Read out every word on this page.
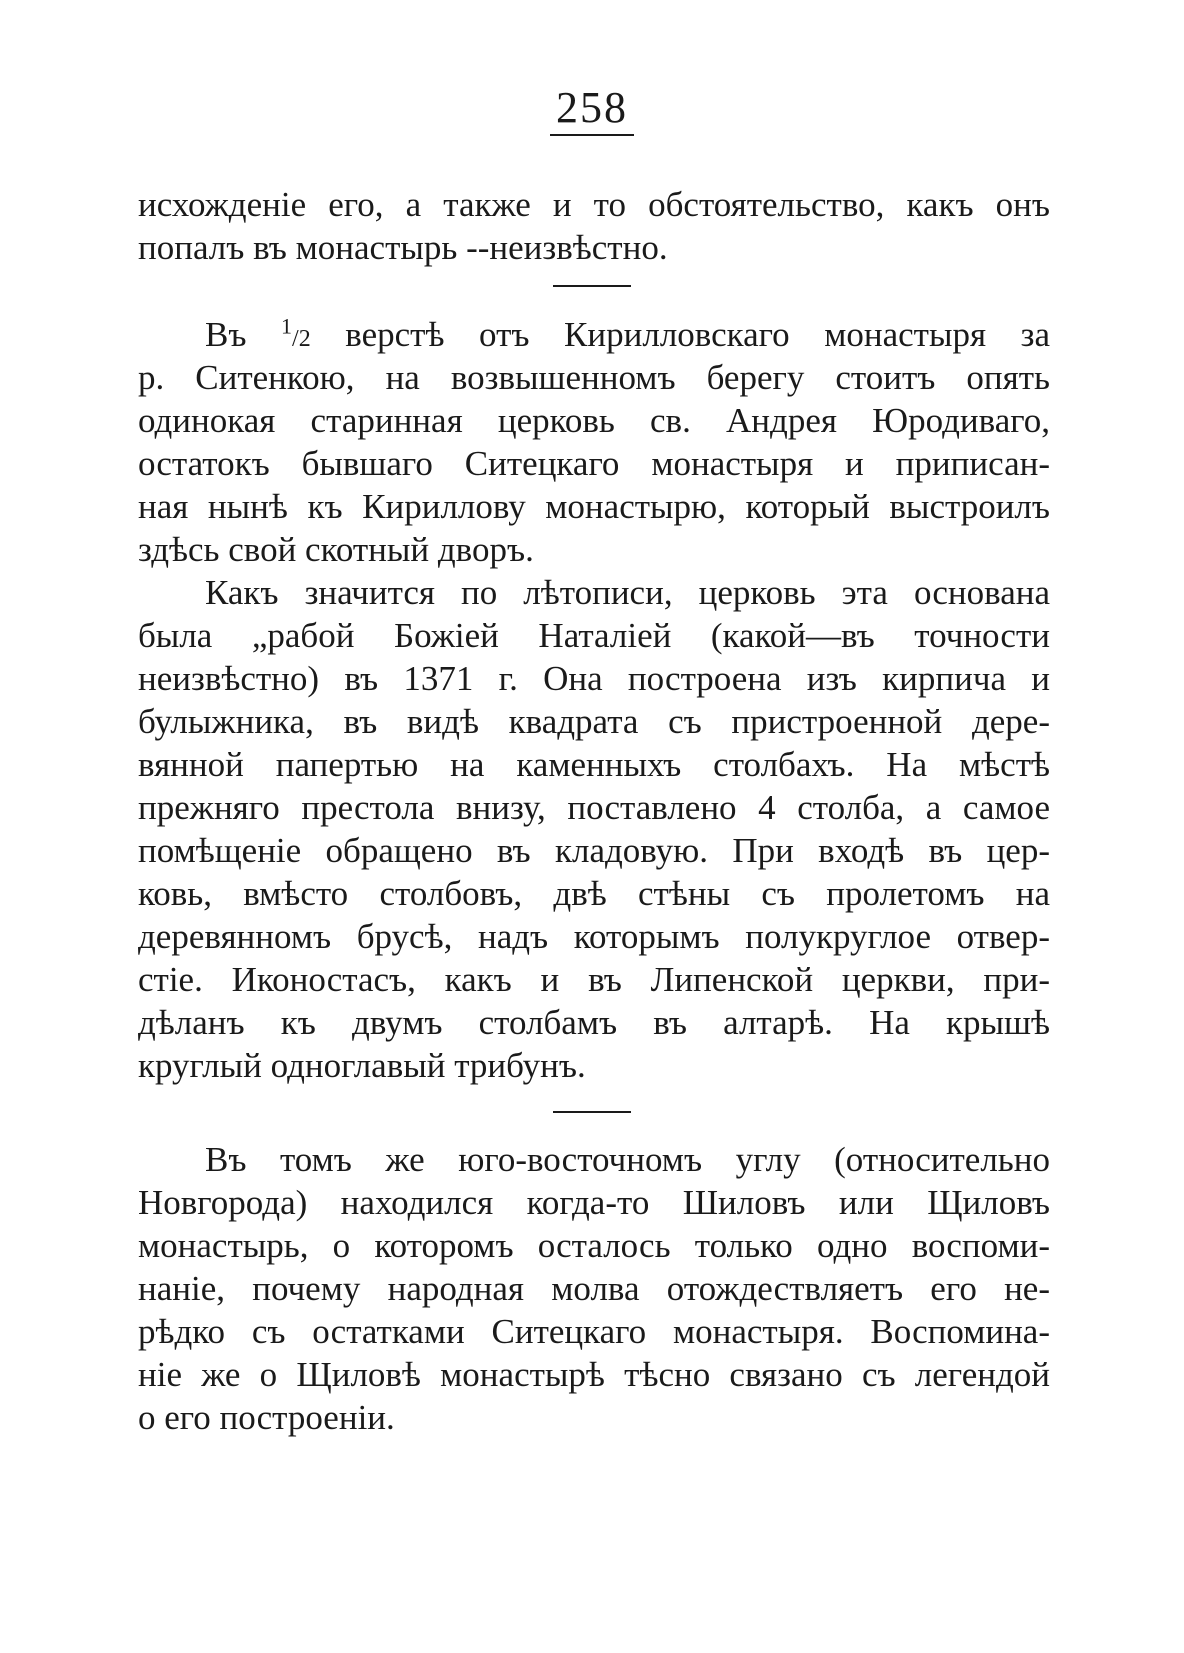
258
исхожденіе его, а также и то обстоятельство, какъ онъ
попалъ въ монастырь --неизвѣстно.
Въ $^1$/2 верстѣ отъ Кирилловскаго монастыря за
р. Ситенкою, на возвышенномъ берегу стоитъ опять
одинокая старинная церковь св. Андрея Юродиваго,
остатокъ бывшаго Ситецкаго монастыря и приписан-
ная нынѣ къ Кириллову монастырю, который выстроилъ
здѣсь свой скотный дворъ.
Какъ значится по лѣтописи, церковь эта основана
была „рабой Божіей Наталіей (какой—въ точности
неизвѣстно) въ 1371 г. Она построена изъ кирпича и
булыжника, въ видѣ квадрата съ пристроенной дере-
вянной папертью на каменныхъ столбахъ. На мѣстѣ
прежняго престола внизу, поставлено 4 столба, а самое
помѣщеніе обращено въ кладовую. При входѣ въ цер-
ковь, вмѣсто столбовъ, двѣ стѣны съ пролетомъ на
деревянномъ брусѣ, надъ которымъ полукруглое отвер-
стіе. Иконостасъ, какъ и въ Липенской церкви, при-
дѣланъ къ двумъ столбамъ въ алтарѣ. На крышѣ
круглый одноглавый трибунъ.
Въ томъ же юго-восточномъ углу (относительно
Новгорода) находился когда-то Шиловъ или Щиловъ
монастырь, о которомъ осталось только одно воспоми-
наніе, почему народная молва отождествляетъ его не-
рѣдко съ остатками Ситецкаго монастыря. Воспомина-
ніе же о Щиловѣ монастырѣ тѣсно связано съ легендой
о его построеніи.
